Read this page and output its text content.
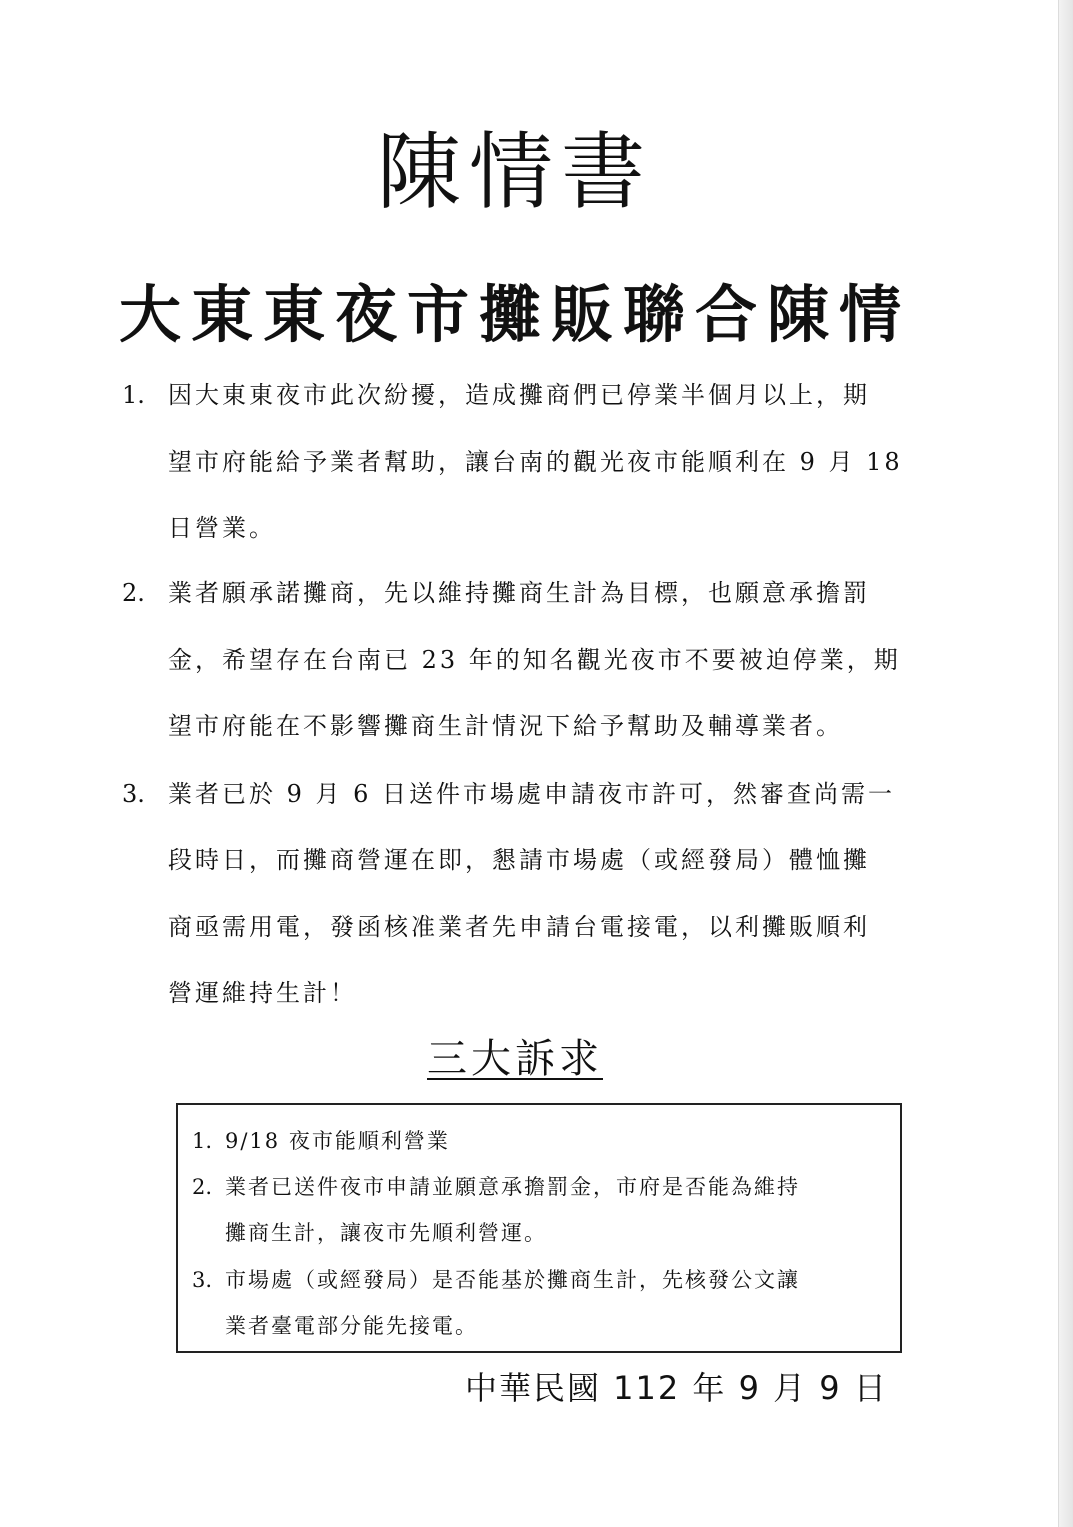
陳情書
大東東夜市攤販聯合陳情
1. 因大東東夜市此次紛擾，造成攤商們已停業半個月以上，期
望市府能給予業者幫助，讓台南的觀光夜市能順利在 9 月 18
日營業。
2. 業者願承諾攤商，先以維持攤商生計為目標，也願意承擔罰
金，希望存在台南已 23 年的知名觀光夜市不要被迫停業，期
望市府能在不影響攤商生計情況下給予幫助及輔導業者。
3. 業者已於 9 月 6 日送件市場處申請夜市許可，然審查尚需一
段時日，而攤商營運在即，懇請市場處（或經發局）體恤攤
商亟需用電，發函核准業者先申請台電接電，以利攤販順利
營運維持生計！
三大訴求
1. 9/18 夜市能順利營業
2. 業者已送件夜市申請並願意承擔罰金，市府是否能為維持
攤商生計，讓夜市先順利營運。
3. 市場處（或經發局）是否能基於攤商生計，先核發公文讓
業者臺電部分能先接電。
中華民國 112 年 9 月 9 日
